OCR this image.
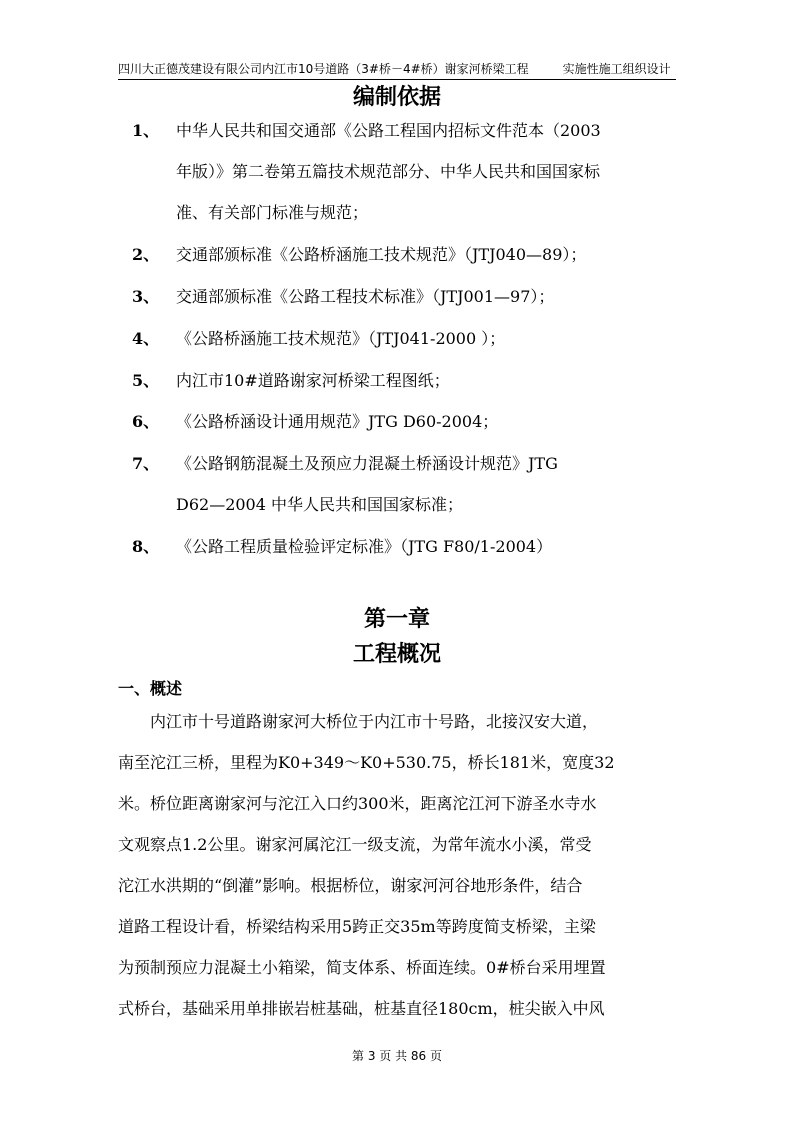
四川大正德茂建设有限公司内江市10号道路（3#桥－4#桥）谢家河桥梁工程	实施性施工组织设计
编制依据
1、	中华人民共和国交通部《公路工程国内招标文件范本（2003
年版）》第二卷第五篇技术规范部分、中华人民共和国国家标
准、有关部门标准与规范；
2、	交通部颁标准《公路桥涵施工技术规范》（JTJ040—89）；
3、	交通部颁标准《公路工程技术标准》（JTJ001—97）；
4、	《公路桥涵施工技术规范》（JTJ041-2000 ）；
5、	内江市10#道路谢家河桥梁工程图纸；
6、	《公路桥涵设计通用规范》JTG D60-2004；
7、	《公路钢筋混凝土及预应力混凝土桥涵设计规范》JTG
D62—2004 中华人民共和国国家标准；
8、	《公路工程质量检验评定标准》（JTG F80/1-2004）
第一章
工程概况
一、概述
内江市十号道路谢家河大桥位于内江市十号路，北接汉安大道，
南至沱江三桥，里程为K0+349～K0+530.75，桥长181米，宽度32
米。桥位距离谢家河与沱江入口约300米，距离沱江河下游圣水寺水
文观察点1.2公里。谢家河属沱江一级支流，为常年流水小溪，常受
沱江水洪期的“倒灌”影响。根据桥位，谢家河河谷地形条件，结合
道路工程设计看，桥梁结构采用5跨正交35m等跨度简支桥梁，主梁
为预制预应力混凝土小箱梁，简支体系、桥面连续。0#桥台采用埋置
式桥台，基础采用单排嵌岩桩基础，桩基直径180cm，桩尖嵌入中风
第 3 页 共 86 页
